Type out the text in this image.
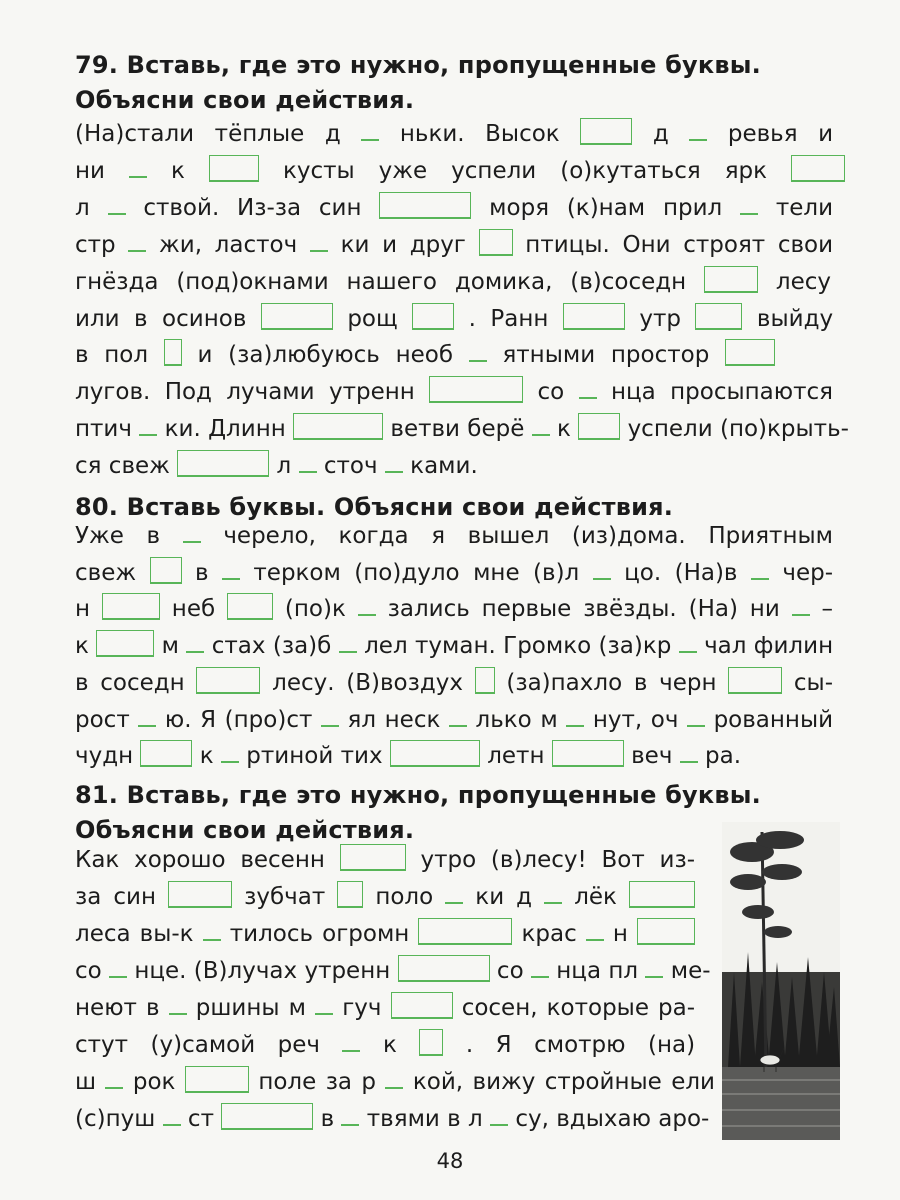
79. Вставь, где это нужно, пропущенные буквы.
Объясни свои действия.
(На)стали тёплые д	ньки. Высок	д	ревья и
ни	к	кусты уже успели (о)кутаться ярк
л ствой. Из-за син	моря (к)нам прил тели
стр жи, ласточ ки и друг	птицы. Они строят свои
гнёзда (под)окнами нашего домика, (в)соседн	лесу
или в осинов	рощ	. Ранн	утр	выйду
в пол и (за)любуюсь необ ятными простор
лугов. Под лучами утренн	со нца просыпаются
птич ки. Длинн	ветви берё к успели (по)крыть-
ся свеж	л сточ ками.
80. Вставь буквы. Объясни свои действия.
Уже в	черело, когда я вышел (из)дома. Приятным
свеж	в терком (по)дуло мне (в)л цо. (На)в чер-
н	неб	(по)к зались первые звёзды. (На) ни –
к	м стах (за)б лел туман. Громко (за)кр чал филин
в соседн	лесу. (В)воздух (за)пахло в черн	сы-
рост ю. Я (про)ст ял неск лько м нут, оч рованный
чудн	к ртиной тих	летн	веч ра.
81. Вставь, где это нужно, пропущенные буквы.
Объясни свои действия.
Как хорошо весенн	утро (в)лесу! Вот из-
за син	зубчат поло ки д лёк
леса вы-к тилось огромн	крас н
со нце. (В)лучах утренн	со нца пл ме-
неют в ршины м гуч	сосен, которые ра-
стут (у)самой реч	к	. Я смотрю (на)
ш рок	поле за р кой, вижу стройные ели
(с)пуш ст	в твями в л су, вдыхаю аро-
48
